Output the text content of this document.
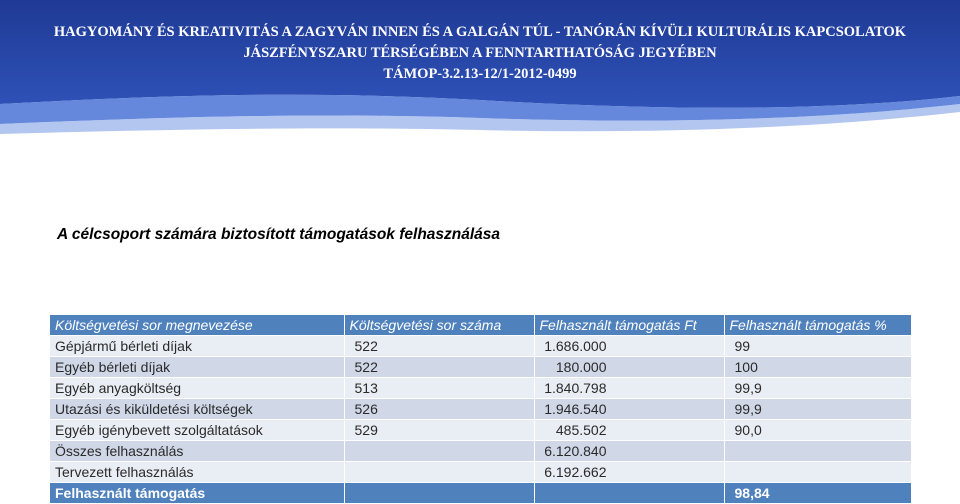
HAGYOMÁNY ÉS KREATIVITÁS A ZAGYVÁN INNEN ÉS A GALGÁN TÚL - TANÓRÁN KÍVÜLI KULTURÁLIS KAPCSOLATOK
JÁSZFÉNYSZARU TÉRSÉGÉBEN A FENNTARTHATÓSÁG JEGYÉBEN
TÁMOP-3.2.13-12/1-2012-0499
A célcsoport számára biztosított támogatások felhasználása
Költségvetési sor megnevezése	Költségvetési sor száma	Felhasznált támogatás Ft	Felhasznált támogatás %
Gépjármű bérleti díjak	522	1.686.000	99
Egyéb bérleti díjak	522	180.000	100
Egyéb anyagköltség	513	1.840.798	99,9
Utazási és kiküldetési költségek	526	1.946.540	99,9
Egyéb igénybevett szolgáltatások	529	485.502	90,0
Összes felhasználás		6.120.840	
Tervezett felhasználás		6.192.662	
Felhasznált támogatás			98,84
